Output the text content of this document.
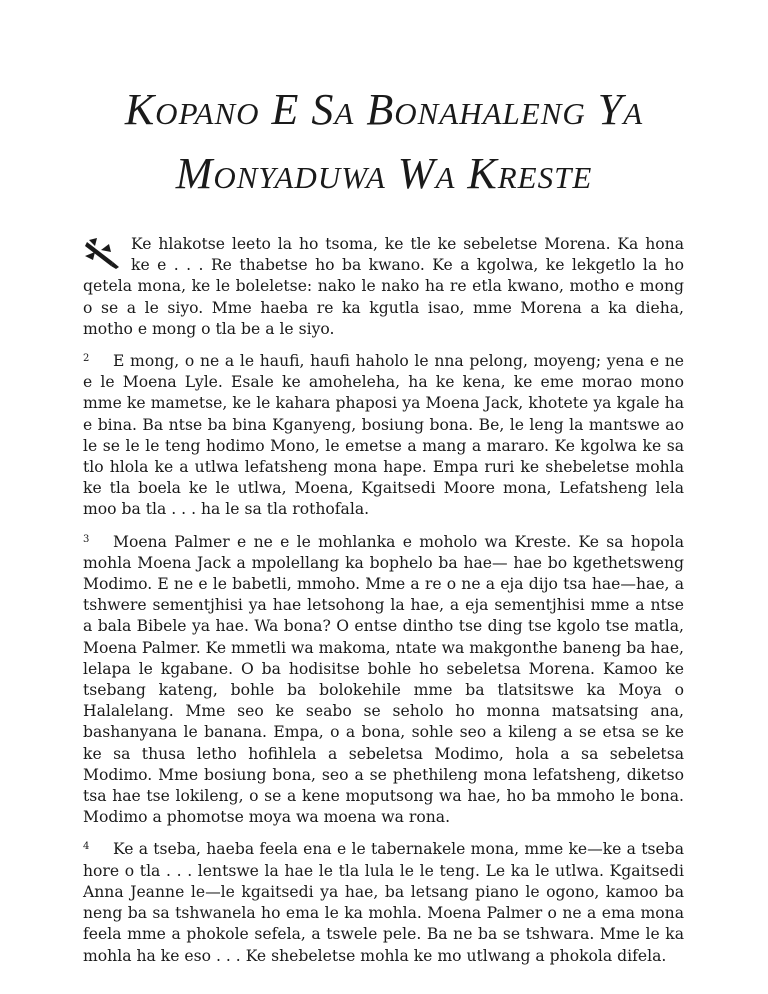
Kopano E Sa Bonahaleng Ya
Monyaduwa Wa Kreste

Ke hlakotse leeto la ho tsoma, ke tle ke sebeletse Morena. Ka hona ke e . . . Re thabetse ho ba kwano. Ke a kgolwa, ke lekgetlo la ho qetela mona, ke le boleletse: nako le nako ha re etla kwano, motho e mong o se a le siyo. Mme haeba re ka kgutla isao, mme Morena a ka dieha, motho e mong o tla be a le siyo.

2 E mong, o ne a le haufi, haufi haholo le nna pelong, moyeng; yena e ne e le Moena Lyle. Esale ke amoheleha, ha ke kena, ke eme morao mono mme ke mametse, ke le kahara phaposi ya Moena Jack, khotete ya kgale ha e bina. Ba ntse ba bina Kganyeng, bosiung bona. Be, le leng la mantswe ao le se le le teng hodimo Mono, le emetse a mang a mararo. Ke kgolwa ke sa tlo hlola ke a utlwa lefatsheng mona hape. Empa ruri ke shebeletse mohla ke tla boela ke le utlwa, Moena, Kgaitsedi Moore mona, Lefatsheng lela moo ba tla . . . ha le sa tla rothofala.

3 Moena Palmer e ne e le mohlanka e moholo wa Kreste. Ke sa hopola mohla Moena Jack a mpolellang ka bophelo ba hae— hae bo kgethetsweng Modimo. E ne e le babetli, mmoho. Mme a re o ne a eja dijo tsa hae—hae, a tshwere sementjhisi ya hae letsohong la hae, a eja sementjhisi mme a ntse a bala Bibele ya hae. Wa bona? O entse dintho tse ding tse kgolo tse matla, Moena Palmer. Ke mmetli wa makoma, ntate wa makgonthe baneng ba hae, lelapa le kgabane. O ba hodisitse bohle ho sebeletsa Morena. Kamoo ke tsebang kateng, bohle ba bolokehile mme ba tlatsitswe ka Moya o Halalelang. Mme seo ke seabo se seholo ho monna matsatsing ana, bashanyana le banana. Empa, o a bona, sohle seo a kileng a se etsa se ke ke sa thusa letho hofihlela a sebeletsa Modimo, hola a sa sebeletsa Modimo. Mme bosiung bona, seo a se phethileng mona lefatsheng, diketso tsa hae tse lokileng, o se a kene moputsong wa hae, ho ba mmoho le bona. Modimo a phomotse moya wa moena wa rona.

4 Ke a tseba, haeba feela ena e le tabernakele mona, mme ke—ke a tseba hore o tla . . . lentswe la hae le tla lula le le teng. Le ka le utlwa. Kgaitsedi Anna Jeanne le—le kgaitsedi ya hae, ba letsang piano le ogono, kamoo ba neng ba sa tshwanela ho ema le ka mohla. Moena Palmer o ne a ema mona feela mme a phokole sefela, a tswele pele. Ba ne ba se tshwara. Mme le ka mohla ha ke eso . . . Ke shebeletse mohla ke mo utlwang a phokola difela.
